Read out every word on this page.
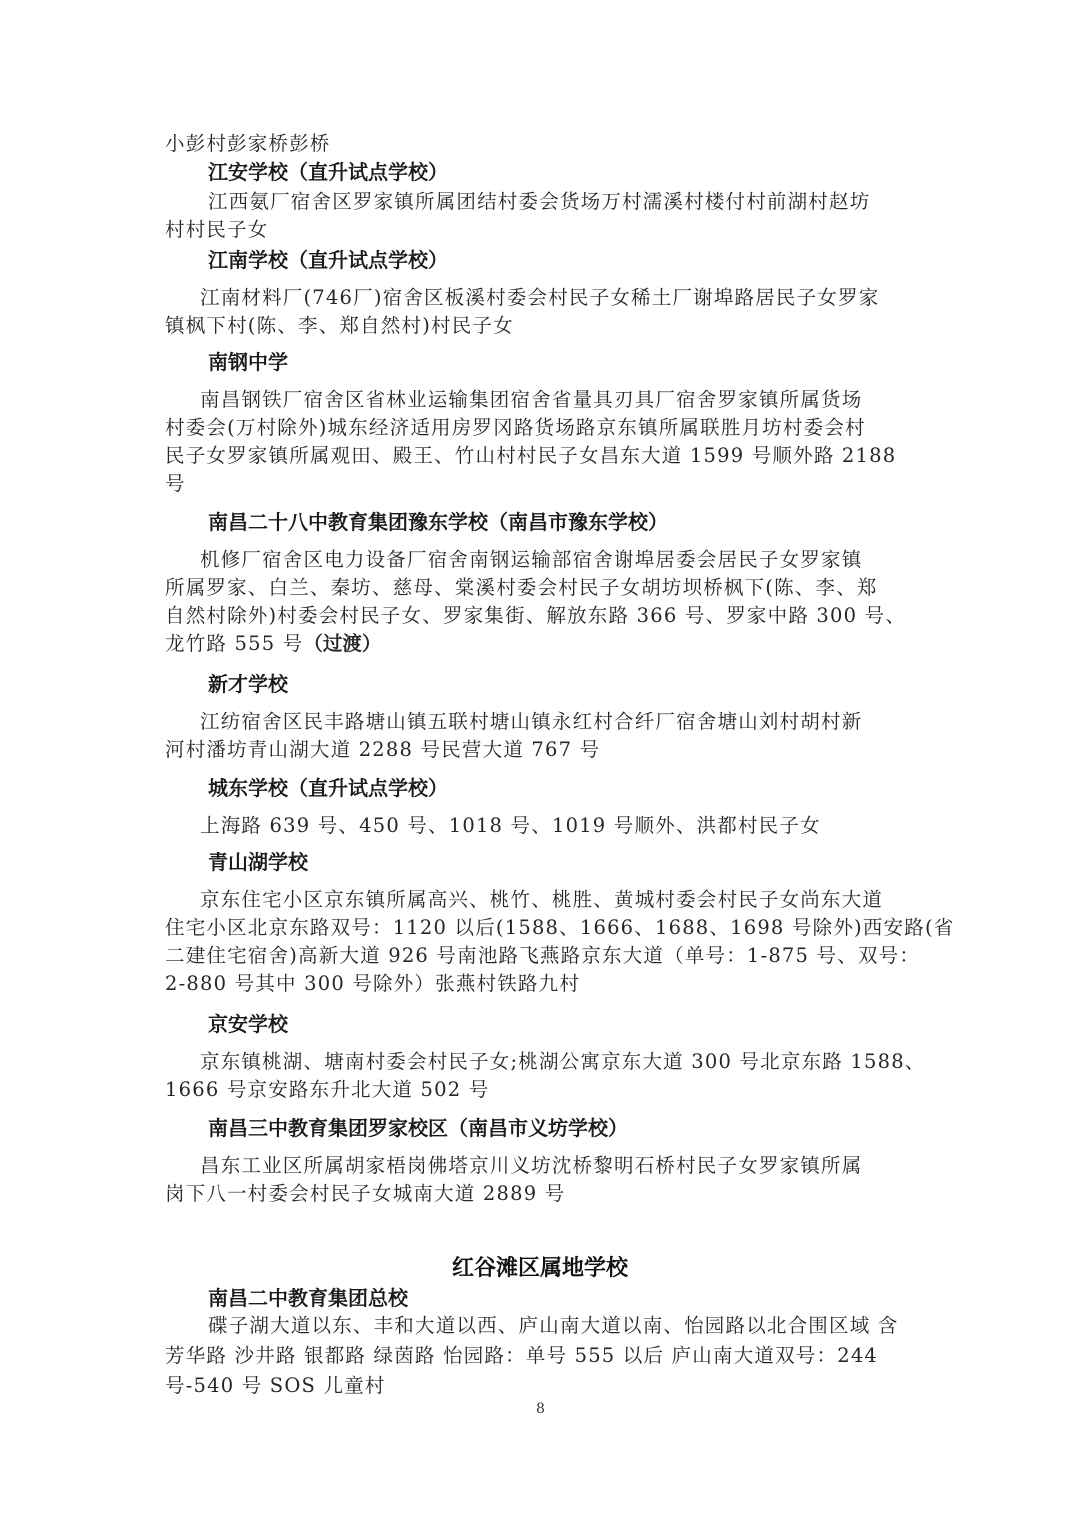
小彭村彭家桥彭桥
江安学校（直升试点学校）
江西氨厂宿舍区罗家镇所属团结村委会货场万村濡溪村楼付村前湖村赵坊
村村民子女
江南学校（直升试点学校）
江南材料厂(746厂)宿舍区板溪村委会村民子女稀土厂谢埠路居民子女罗家
镇枫下村(陈、李、郑自然村)村民子女
南钢中学
南昌钢铁厂宿舍区省林业运输集团宿舍省量具刃具厂宿舍罗家镇所属货场
村委会(万村除外)城东经济适用房罗冈路货场路京东镇所属联胜月坊村委会村
民子女罗家镇所属观田、殿王、竹山村村民子女昌东大道 1599 号顺外路 2188
号
南昌二十八中教育集团豫东学校（南昌市豫东学校）
机修厂宿舍区电力设备厂宿舍南钢运输部宿舍谢埠居委会居民子女罗家镇
所属罗家、白兰、秦坊、慈母、棠溪村委会村民子女胡坊坝桥枫下(陈、李、郑
自然村除外)村委会村民子女、罗家集街、解放东路 366 号、罗家中路 300 号、
龙竹路 555 号（过渡）
新才学校
江纺宿舍区民丰路塘山镇五联村塘山镇永红村合纤厂宿舍塘山刘村胡村新
河村潘坊青山湖大道 2288 号民营大道 767 号
城东学校（直升试点学校）
上海路 639 号、450 号、1018 号、1019 号顺外、洪都村民子女
青山湖学校
京东住宅小区京东镇所属高兴、桃竹、桃胜、黄城村委会村民子女尚东大道
住宅小区北京东路双号：1120 以后(1588、1666、1688、1698 号除外)西安路(省
二建住宅宿舍)高新大道 926 号南池路飞燕路京东大道（单号：1-875 号、双号：
2-880 号其中 300 号除外）张燕村铁路九村
京安学校
京东镇桃湖、塘南村委会村民子女;桃湖公寓京东大道 300 号北京东路 1588、
1666 号京安路东升北大道 502 号
南昌三中教育集团罗家校区（南昌市义坊学校）
昌东工业区所属胡家梧岗佛塔京川义坊沈桥黎明石桥村民子女罗家镇所属
岗下八一村委会村民子女城南大道 2889 号
红谷滩区属地学校
南昌二中教育集团总校
碟子湖大道以东、丰和大道以西、庐山南大道以南、怡园路以北合围区域 含
芳华路 沙井路 银都路 绿茵路 怡园路：单号 555 以后 庐山南大道双号：244
号-540 号 SOS 儿童村
8
